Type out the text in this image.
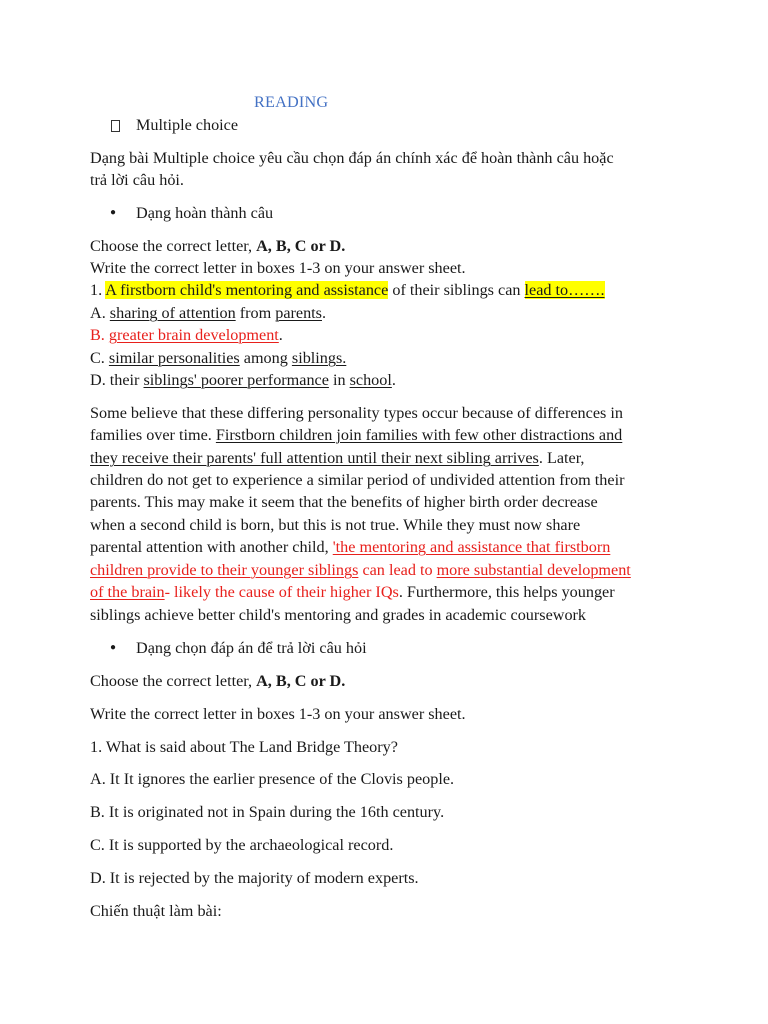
READING
Multiple choice
Dạng bài Multiple choice yêu cầu chọn đáp án chính xác để hoàn thành câu hoặc
trả lời câu hỏi.
● Dạng hoàn thành câu
Choose the correct letter, A, B, C or D.
Write the correct letter in boxes 1-3 on your answer sheet.
1. A firstborn child's mentoring and assistance of their siblings can lead to…….
A. sharing of attention from parents.
B. greater brain development.
C. similar personalities among siblings.
D. their siblings' poorer performance in school.
Some believe that these differing personality types occur because of differences in
families over time. Firstborn children join families with few other distractions and
they receive their parents' full attention until their next sibling arrives. Later,
children do not get to experience a similar period of undivided attention from their
parents. This may make it seem that the benefits of higher birth order decrease
when a second child is born, but this is not true. While they must now share
parental attention with another child, 'the mentoring and assistance that firstborn
children provide to their younger siblings can lead to more substantial development
of the brain- likely the cause of their higher IQs. Furthermore, this helps younger
siblings achieve better child's mentoring and grades in academic coursework
● Dạng chọn đáp án để trả lời câu hỏi
Choose the correct letter, A, B, C or D.
Write the correct letter in boxes 1-3 on your answer sheet.
1. What is said about The Land Bridge Theory?
A. It It ignores the earlier presence of the Clovis people.
B. It is originated not in Spain during the 16th century.
C. It is supported by the archaeological record.
D. It is rejected by the majority of modern experts.
Chiến thuật làm bài:
